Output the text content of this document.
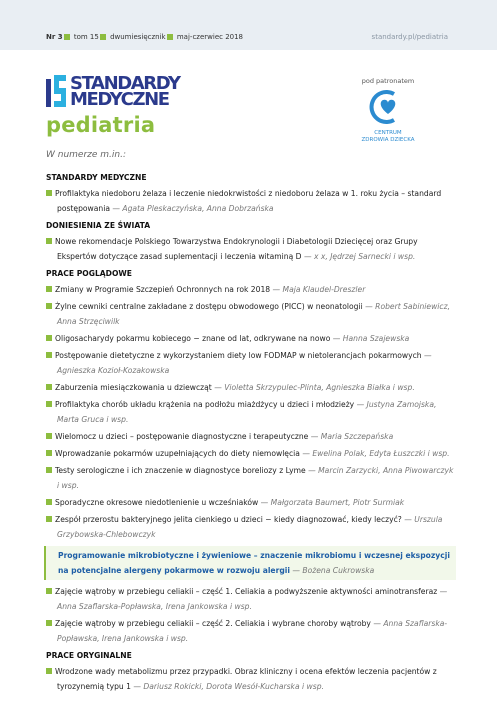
Nr 3 tom 15 dwumiesięcznik maj-czerwiec 2018	standardy.pl/pediatria
STANDARDY
MEDYCZNE
pediatria
pod patronatem
CENTRUM
ZDROWIA DZIECKA
W numerze m.in.:
STANDARDY MEDYCZNE
Profilaktyka niedoboru żelaza i leczenie niedokrwistości z niedoboru żelaza w 1. roku życia – standard postępowania — Agata Pleskaczyńska, Anna Dobrzańska
DONIESIENIA ZE ŚWIATA
Nowe rekomendacje Polskiego Towarzystwa Endokrynologii i Diabetologii Dziecięcej oraz Grupy Ekspertów dotyczące zasad suplementacji i leczenia witaminą D — x x, Jędrzej Sarnecki i wsp.
PRACE POGLĄDOWE
Zmiany w Programie Szczepień Ochronnych na rok 2018 — Maja Klaudel-Dreszler
Żylne cewniki centralne zakładane z dostępu obwodowego (PICC) w neonatologii — Robert Sabiniewicz, Anna Strzęciwilk
Oligosacharydy pokarmu kobiecego − znane od lat, odkrywane na nowo — Hanna Szajewska
Postępowanie dietetyczne z wykorzystaniem diety low FODMAP w nietolerancjach pokarmowych — Agnieszka Kozioł-Kozakowska
Zaburzenia miesiączkowania u dziewcząt — Violetta Skrzypulec-Plinta, Agnieszka Białka i wsp.
Profilaktyka chorób układu krążenia na podłożu miażdżycy u dzieci i młodzieży — Justyna Zamojska, Marta Gruca i wsp.
Wielomocz u dzieci – postępowanie diagnostyczne i terapeutyczne — Maria Szczepańska
Wprowadzanie pokarmów uzupełniających do diety niemowlęcia — Ewelina Polak, Edyta Łuszczki i wsp.
Testy serologiczne i ich znaczenie w diagnostyce boreliozy z Lyme — Marcin Zarzycki, Anna Piwowarczyk i wsp.
Sporadyczne okresowe niedotlenienie u wcześniaków — Małgorzata Baumert, Piotr Surmiak
Zespół przerostu bakteryjnego jelita cienkiego u dzieci − kiedy diagnozować, kiedy leczyć? — Urszula Grzybowska-Chlebowczyk
Programowanie mikrobiotyczne i żywieniowe – znaczenie mikrobiomu i wczesnej ekspozycji na potencjalne alergeny pokarmowe w rozwoju alergii — Bożena Cukrowska
Zajęcie wątroby w przebiegu celiakii – część 1. Celiakia a podwyższenie aktywności aminotransferaz — Anna Szaflarska-Popławska, Irena Jankowska i wsp.
Zajęcie wątroby w przebiegu celiakii – część 2. Celiakia i wybrane choroby wątroby — Anna Szaflarska-Popławska, Irena Jankowska i wsp.
PRACE ORYGINALNE
Wrodzone wady metabolizmu przez przypadki. Obraz kliniczny i ocena efektów leczenia pacjentów z tyrozynemią typu 1 — Dariusz Rokicki, Dorota Wesół-Kucharska i wsp.
